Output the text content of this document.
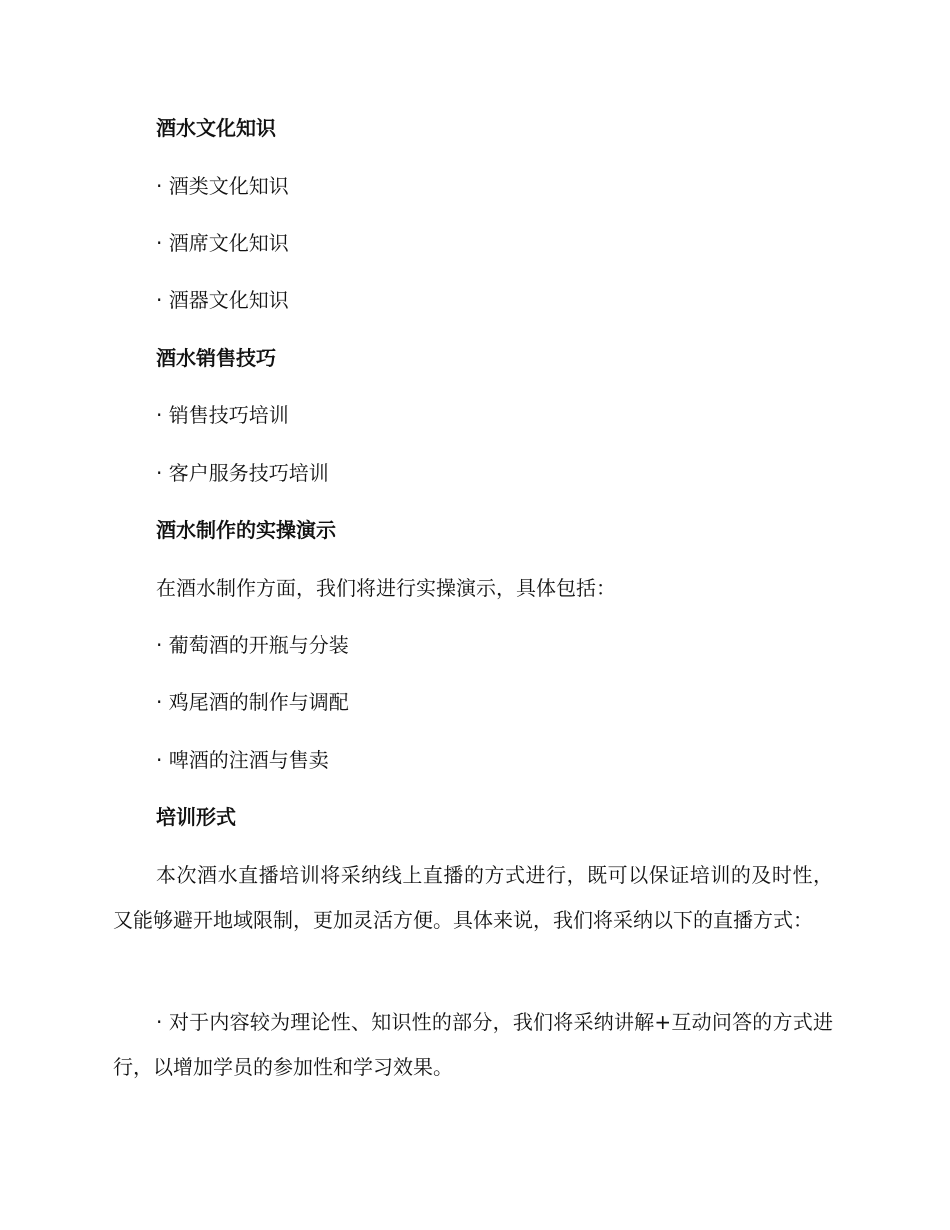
酒水文化知识
· 酒类文化知识
· 酒席文化知识
· 酒器文化知识
酒水销售技巧
· 销售技巧培训
· 客户服务技巧培训
酒水制作的实操演示
在酒水制作方面，我们将进行实操演示，具体包括：
· 葡萄酒的开瓶与分装
· 鸡尾酒的制作与调配
· 啤酒的注酒与售卖
培训形式
本次酒水直播培训将采纳线上直播的方式进行，既可以保证培训的及时性，又能够避开地域限制，更加灵活方便。具体来说，我们将采纳以下的直播方式：
· 对于内容较为理论性、知识性的部分，我们将采纳讲解+互动问答的方式进行，以增加学员的参加性和学习效果。
